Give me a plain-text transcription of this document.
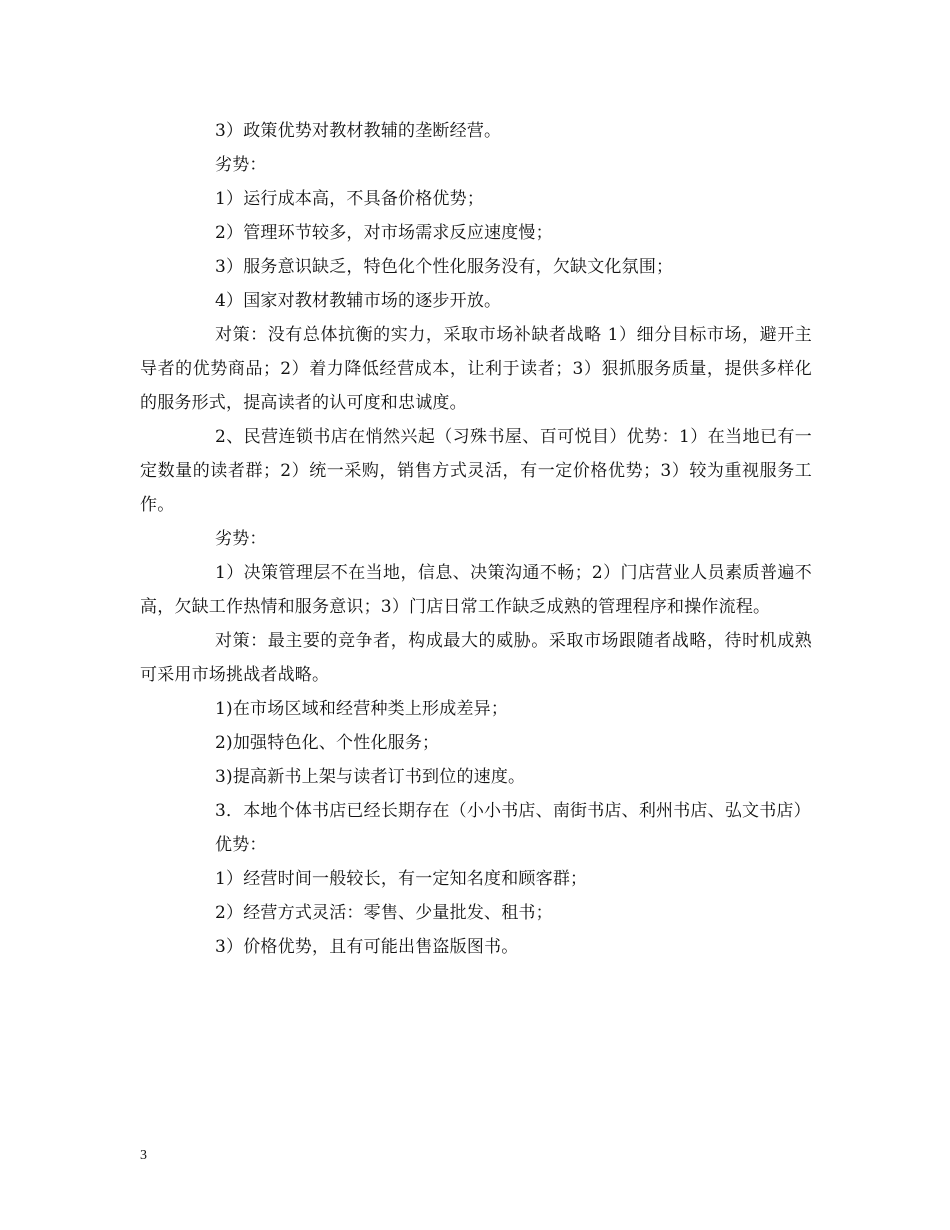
3）政策优势对教材教辅的垄断经营。

劣势：

1）运行成本高，不具备价格优势；

2）管理环节较多，对市场需求反应速度慢；

3）服务意识缺乏，特色化个性化服务没有，欠缺文化氛围；

4）国家对教材教辅市场的逐步开放。

对策：没有总体抗衡的实力，采取市场补缺者战略 1）细分目标市场，避开主导者的优势商品；2）着力降低经营成本，让利于读者；3）狠抓服务质量，提供多样化的服务形式，提高读者的认可度和忠诚度。

2、民营连锁书店在悄然兴起（习殊书屋、百可悦目）优势：1）在当地已有一定数量的读者群；2）统一采购，销售方式灵活，有一定价格优势；3）较为重视服务工作。

劣势：

1）决策管理层不在当地，信息、决策沟通不畅；2）门店营业人员素质普遍不高，欠缺工作热情和服务意识；3）门店日常工作缺乏成熟的管理程序和操作流程。

对策：最主要的竞争者，构成最大的威胁。采取市场跟随者战略，待时机成熟可采用市场挑战者战略。

1)在市场区域和经营种类上形成差异；

2)加强特色化、个性化服务；

3)提高新书上架与读者订书到位的速度。

3．本地个体书店已经长期存在（小小书店、南街书店、利州书店、弘文书店）

优势：

1）经营时间一般较长，有一定知名度和顾客群；

2）经营方式灵活：零售、少量批发、租书；

3）价格优势，且有可能出售盗版图书。

3
